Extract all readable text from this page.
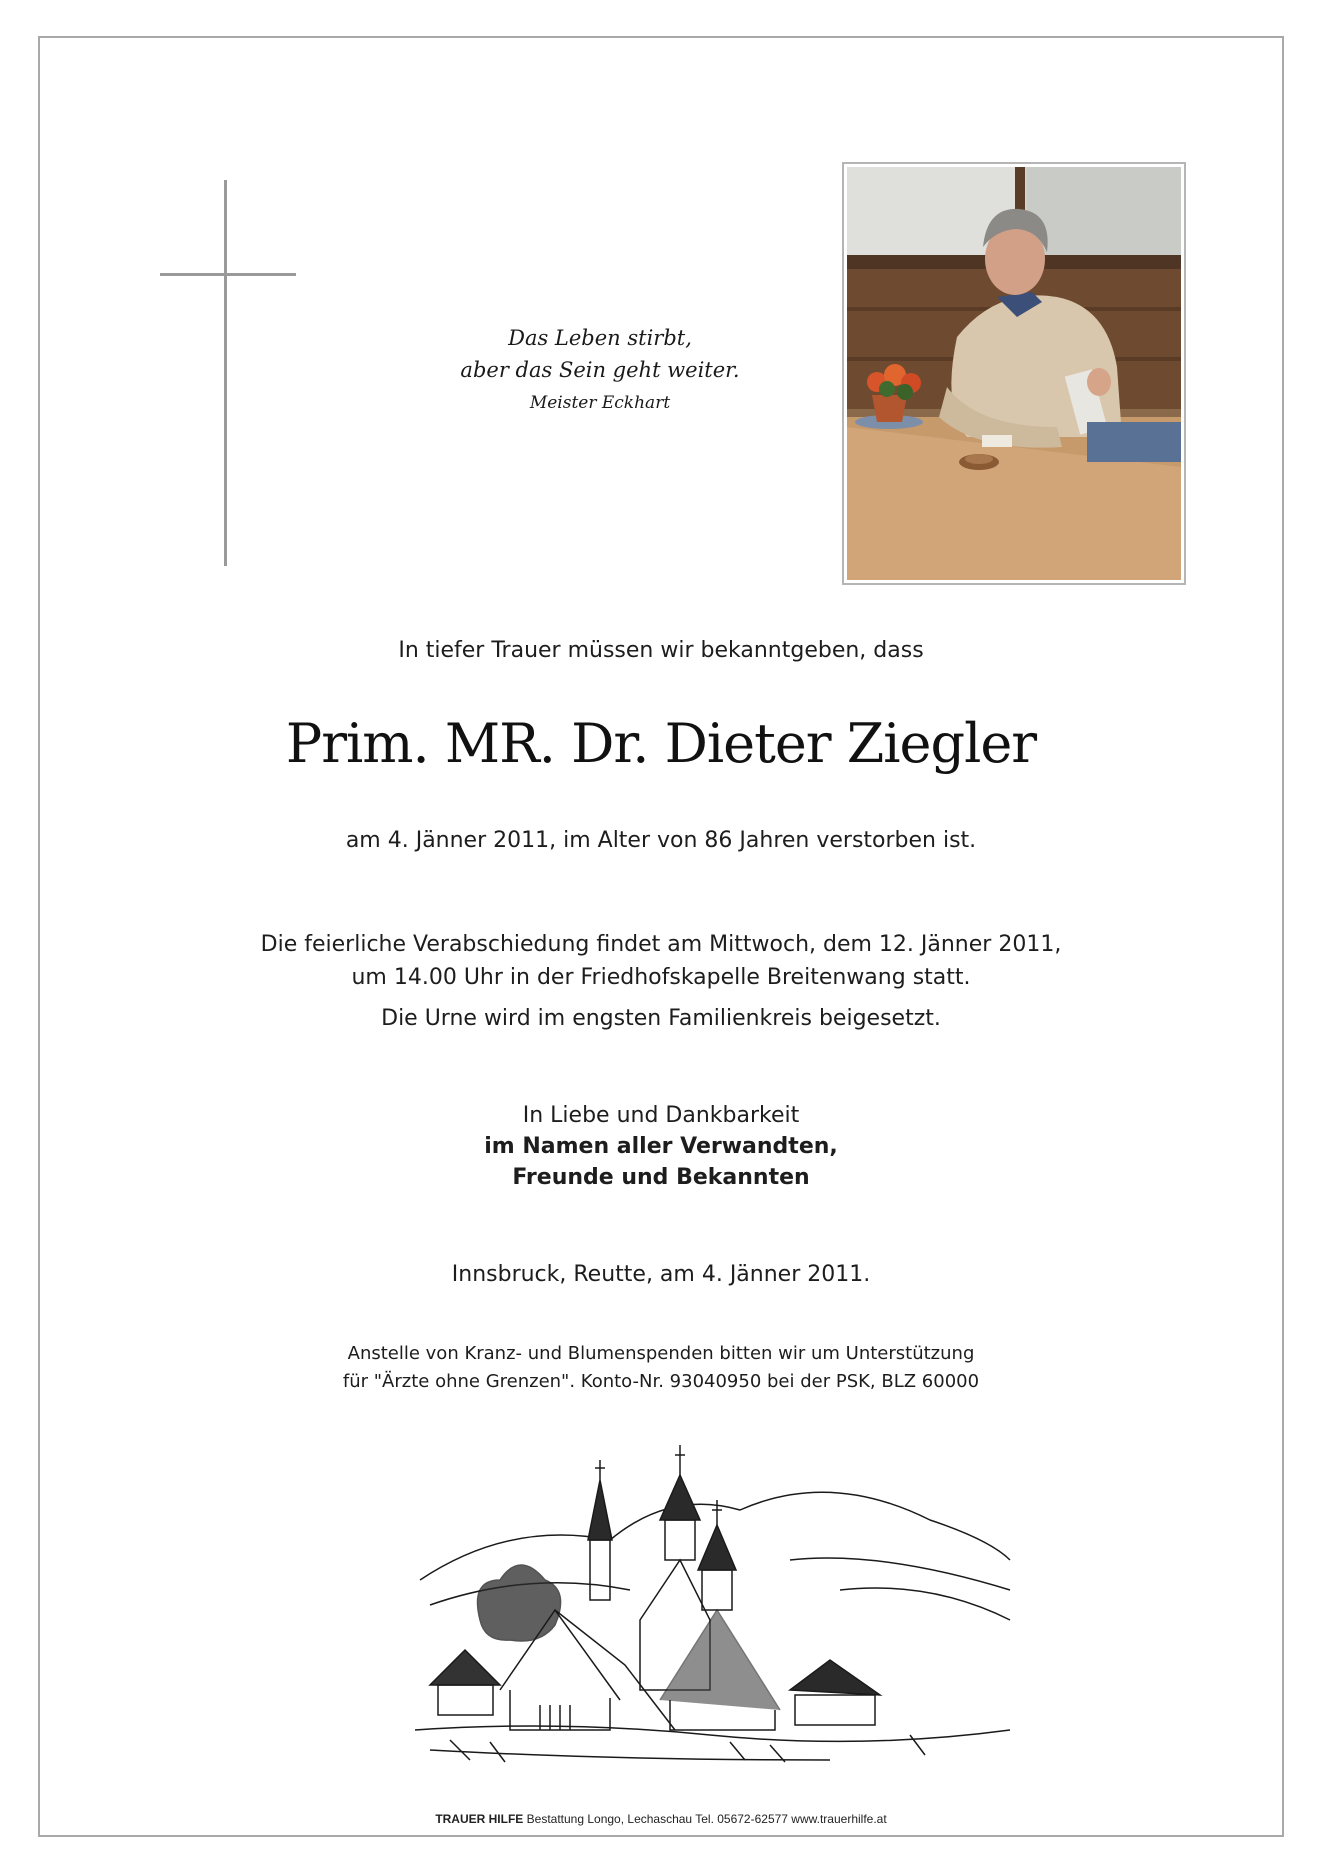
Das Leben stirbt,
aber das Sein geht weiter.
Meister Eckhart
In tiefer Trauer müssen wir bekanntgeben, dass
Prim. MR. Dr. Dieter Ziegler
am 4. Jänner 2011, im Alter von 86 Jahren verstorben ist.
Die feierliche Verabschiedung findet am Mittwoch, dem 12. Jänner 2011,
um 14.00 Uhr in der Friedhofskapelle Breitenwang statt.
Die Urne wird im engsten Familienkreis beigesetzt.
In Liebe und Dankbarkeit
im Namen aller Verwandten,
Freunde und Bekannten
Innsbruck, Reutte, am 4. Jänner 2011.
Anstelle von Kranz- und Blumenspenden bitten wir um Unterstützung
für "Ärzte ohne Grenzen". Konto-Nr. 93040950 bei der PSK, BLZ 60000
TRAUER HILFE Bestattung Longo, Lechaschau Tel. 05672-62577 www.trauerhilfe.at
